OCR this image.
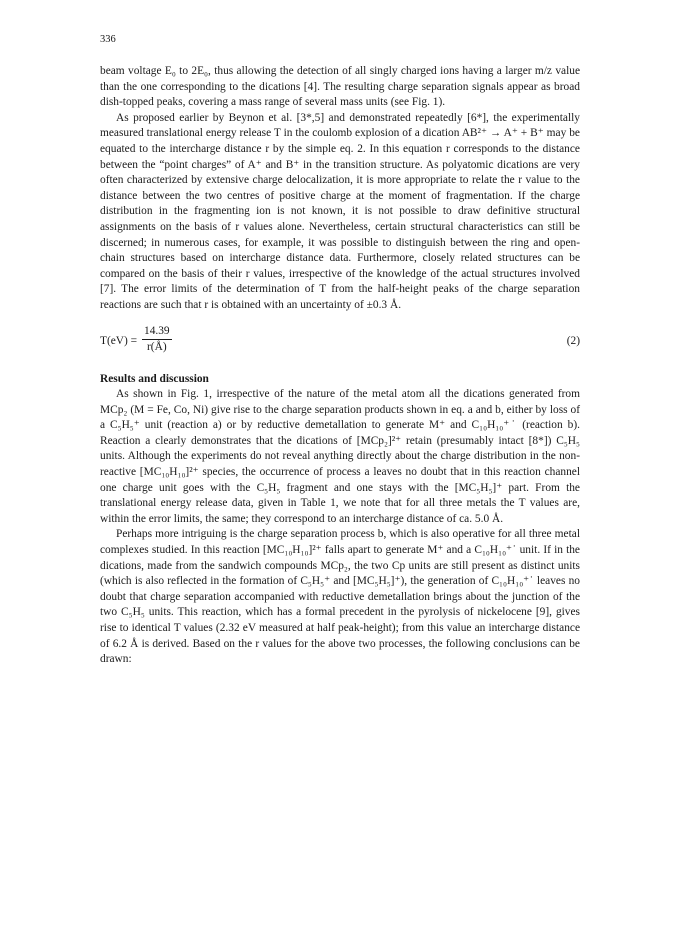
336

beam voltage E₀ to 2E₀, thus allowing the detection of all singly charged ions having a larger m/z value than the one corresponding to the dications [4]. The resulting charge separation signals appear as broad dish-topped peaks, covering a mass range of several mass units (see Fig. 1).

As proposed earlier by Beynon et al. [3*,5] and demonstrated repeatedly [6*], the experimentally measured translational energy release T in the coulomb explosion of a dication AB²⁺ → A⁺ + B⁺ may be equated to the intercharge distance r by the simple eq. 2. In this equation r corresponds to the distance between the “point charges” of A⁺ and B⁺ in the transition structure. As polyatomic dications are very often characterized by extensive charge delocalization, it is more appropriate to relate the r value to the distance between the two centres of positive charge at the moment of fragmentation. If the charge distribution in the fragmenting ion is not known, it is not possible to draw definitive structural assignments on the basis of r values alone. Nevertheless, certain structural characteristics can still be discerned; in numerous cases, for example, it was possible to distinguish between the ring and open-chain structures based on intercharge distance data. Furthermore, closely related structures can be compared on the basis of their r values, irrespective of the knowledge of the actual structures involved [7]. The error limits of the determination of T from the half-height peaks of the charge separation reactions are such that r is obtained with an uncertainty of ±0.3 Å.

$T(eV) = \frac{14.39}{r(Å)}$	(2)

Results and discussion

As shown in Fig. 1, irrespective of the nature of the metal atom all the dications generated from MCp₂ (M = Fe, Co, Ni) give rise to the charge separation products shown in eq. a and b, either by loss of a C₅H₅⁺ unit (reaction a) or by reductive demetallation to generate M⁺ and C₁₀H₁₀⁺˙ (reaction b). Reaction a clearly demonstrates that the dications of [MCp₂]²⁺ retain (presumably intact [8*]) C₅H₅ units. Although the experiments do not reveal anything directly about the charge distribution in the non-reactive [MC₁₀H₁₀]²⁺ species, the occurrence of process a leaves no doubt that in this reaction channel one charge unit goes with the C₅H₅ fragment and one stays with the [MC₅H₅]⁺ part. From the translational energy release data, given in Table 1, we note that for all three metals the T values are, within the error limits, the same; they correspond to an intercharge distance of ca. 5.0 Å.

Perhaps more intriguing is the charge separation process b, which is also operative for all three metal complexes studied. In this reaction [MC₁₀H₁₀]²⁺ falls apart to generate M⁺ and a C₁₀H₁₀⁺˙ unit. If in the dications, made from the sandwich compounds MCp₂, the two Cp units are still present as distinct units (which is also reflected in the formation of C₅H₅⁺ and [MC₅H₅]⁺), the generation of C₁₀H₁₀⁺˙ leaves no doubt that charge separation accompanied with reductive demetallation brings about the junction of the two C₅H₅ units. This reaction, which has a formal precedent in the pyrolysis of nickelocene [9], gives rise to identical T values (2.32 eV measured at half peak-height); from this value an intercharge distance of 6.2 Å is derived. Based on the r values for the above two processes, the following conclusions can be drawn:
